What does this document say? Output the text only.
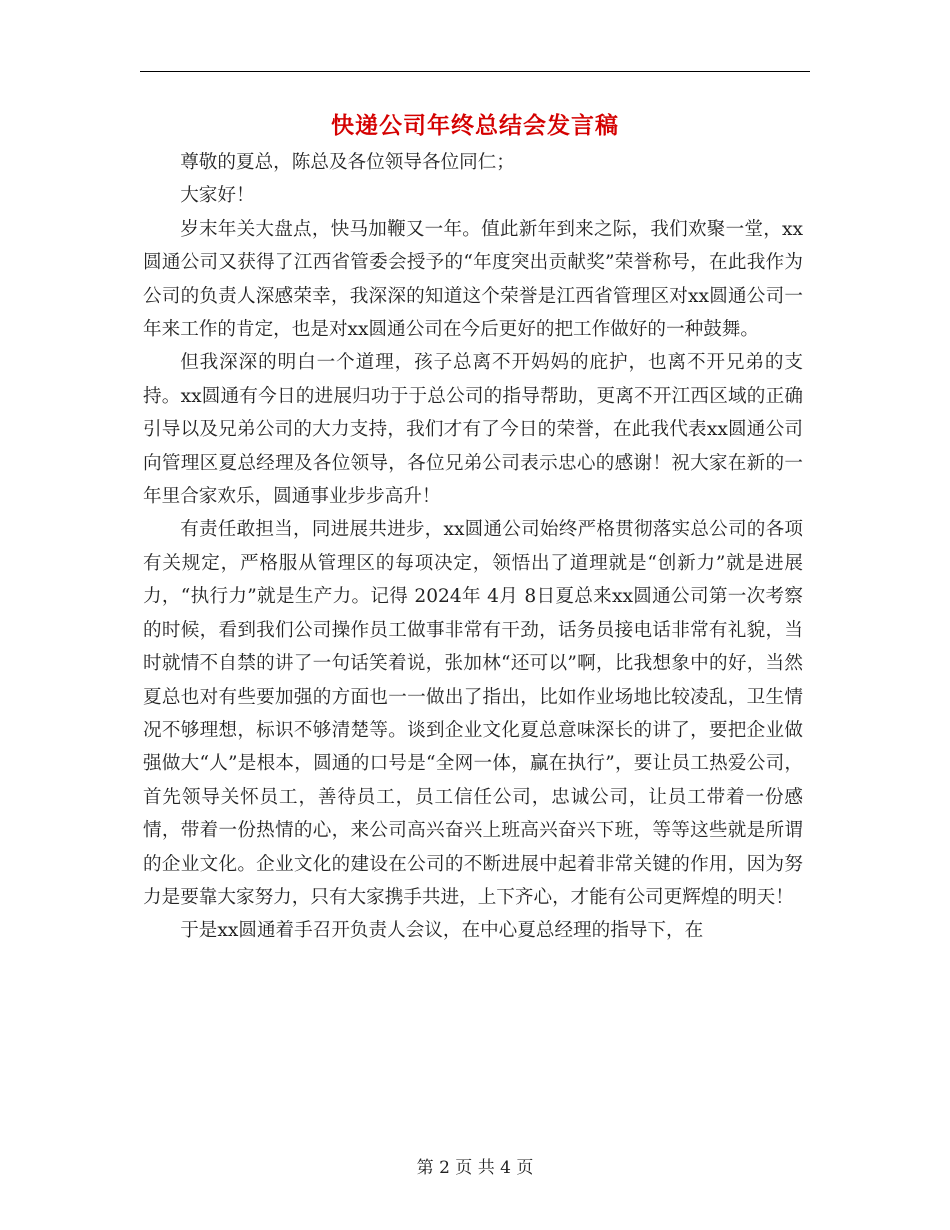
快递公司年终总结会发言稿

尊敬的夏总，陈总及各位领导各位同仁；

大家好！

岁末年关大盘点，快马加鞭又一年。值此新年到来之际，我们欢聚一堂，xx圆通公司又获得了江西省管委会授予的“年度突出贡献奖”荣誉称号，在此我作为公司的负责人深感荣幸，我深深的知道这个荣誉是江西省管理区对xx圆通公司一年来工作的肯定，也是对xx圆通公司在今后更好的把工作做好的一种鼓舞。

但我深深的明白一个道理，孩子总离不开妈妈的庇护，也离不开兄弟的支持。xx圆通有今日的进展归功于于总公司的指导帮助，更离不开江西区域的正确引导以及兄弟公司的大力支持，我们才有了今日的荣誉，在此我代表xx圆通公司向管理区夏总经理及各位领导，各位兄弟公司表示忠心的感谢！祝大家在新的一年里合家欢乐，圆通事业步步高升！

有责任敢担当，同进展共进步，xx圆通公司始终严格贯彻落实总公司的各项有关规定，严格服从管理区的每项决定，领悟出了道理就是“创新力”就是进展力，“执行力”就是生产力。记得 2024年 4月 8日夏总来xx圆通公司第一次考察的时候，看到我们公司操作员工做事非常有干劲，话务员接电话非常有礼貌，当时就情不自禁的讲了一句话笑着说，张加林“还可以”啊，比我想象中的好，当然夏总也对有些要加强的方面也一一做出了指出，比如作业场地比较凌乱，卫生情况不够理想，标识不够清楚等。谈到企业文化夏总意味深长的讲了，要把企业做强做大“人”是根本，圆通的口号是“全网一体，赢在执行”，要让员工热爱公司，首先领导关怀员工，善待员工，员工信任公司，忠诚公司，让员工带着一份感情，带着一份热情的心，来公司高兴奋兴上班高兴奋兴下班，等等这些就是所谓的企业文化。企业文化的建设在公司的不断进展中起着非常关键的作用，因为努力是要靠大家努力，只有大家携手共进，上下齐心，才能有公司更辉煌的明天！

于是xx圆通着手召开负责人会议，在中心夏总经理的指导下，在

第 2 页 共 4 页
